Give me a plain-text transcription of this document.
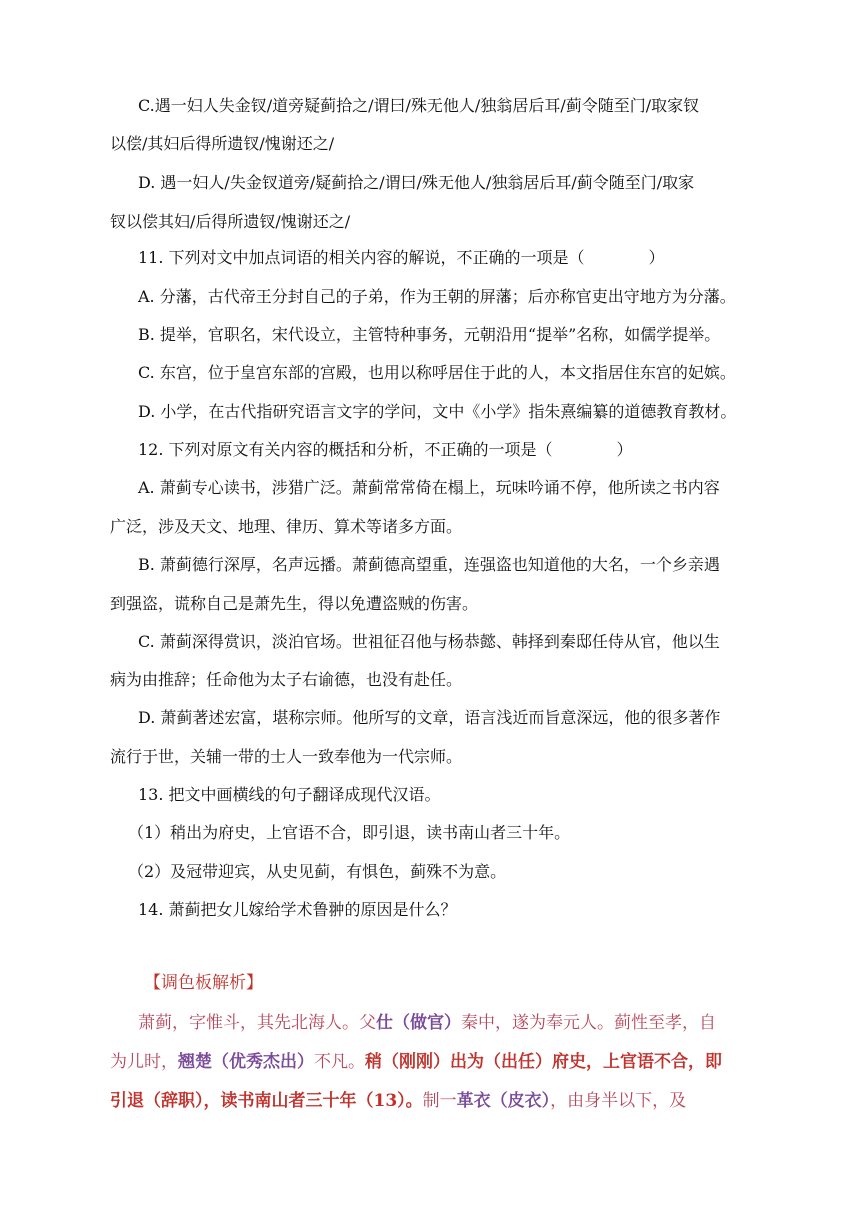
C.遇一妇人失金钗/道旁疑蓟拾之/谓曰/殊无他人/独翁居后耳/蓟令随至门/取家钗
以偿/其妇后得所遗钗/愧谢还之/
D. 遇一妇人/失金钗道旁/疑蓟拾之/谓曰/殊无他人/独翁居后耳/蓟令随至门/取家
钗以偿其妇/后得所遗钗/愧谢还之/
11. 下列对文中加点词语的相关内容的解说，不正确的一项是（　　　　）
A. 分藩，古代帝王分封自己的子弟，作为王朝的屏藩；后亦称官吏出守地方为分藩。
B. 提举，官职名，宋代设立，主管特种事务，元朝沿用“提举”名称，如儒学提举。
C. 东宫，位于皇宫东部的宫殿，也用以称呼居住于此的人，本文指居住东宫的妃嫔。
D. 小学，在古代指研究语言文字的学问，文中《小学》指朱熹编纂的道德教育教材。
12. 下列对原文有关内容的概括和分析，不正确的一项是（　　　　）
A. 萧蓟专心读书，涉猎广泛。萧蓟常常倚在榻上，玩味吟诵不停，他所读之书内容
广泛，涉及天文、地理、律历、算术等诸多方面。
B. 萧蓟德行深厚，名声远播。萧蓟德高望重，连强盗也知道他的大名，一个乡亲遇
到强盗，谎称自己是萧先生，得以免遭盗贼的伤害。
C. 萧蓟深得赏识，淡泊官场。世祖征召他与杨恭懿、韩择到秦邸任侍从官，他以生
病为由推辞；任命他为太子右谕德，也没有赴任。
D. 萧蓟著述宏富，堪称宗师。他所写的文章，语言浅近而旨意深远，他的很多著作
流行于世，关辅一带的士人一致奉他为一代宗师。
13. 把文中画横线的句子翻译成现代汉语。
（1）稍出为府史，上官语不合，即引退，读书南山者三十年。
（2）及冠带迎宾，从史见蓟，有惧色，蓟殊不为意。
14. 萧蓟把女儿嫁给学术鲁翀的原因是什么？
【调色板解析】
萧蓟，字惟斗，其先北海人。父仕（做官）秦中，遂为奉元人。蓟性至孝，自
为儿时，翘楚（优秀杰出）不凡。稍（刚刚）出为（出任）府史，上官语不合，即
引退（辞职），读书南山者三十年（13）。制一革衣（皮衣），由身半以下，及
